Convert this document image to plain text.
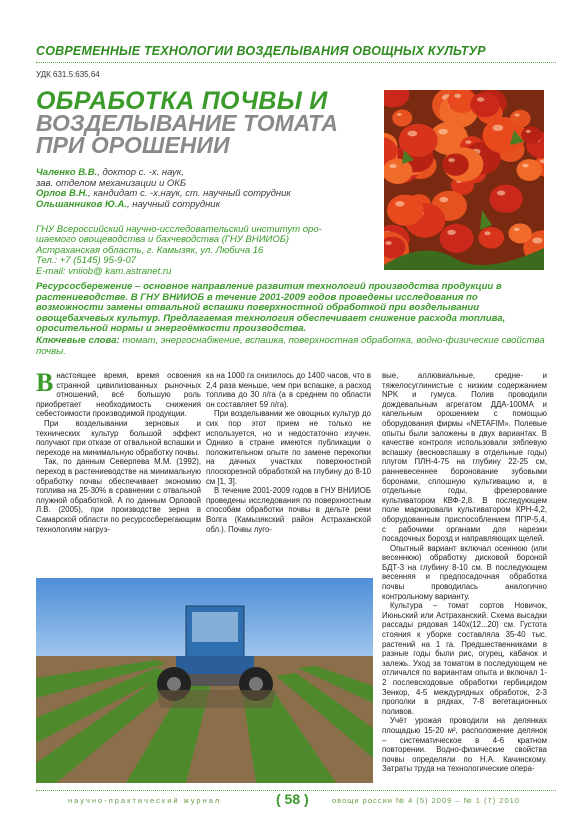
СОВРЕМЕННЫЕ ТЕХНОЛОГИИ ВОЗДЕЛЫВАНИЯ ОВОЩНЫХ КУЛЬТУР
УДК 631.5:635.64
ОБРАБОТКА ПОЧВЫ И
ВОЗДЕЛЫВАНИЕ ТОМАТА ПРИ ОРОШЕНИИ
Чаленко В.В., доктор с. -х. наук,
зав. отделом механизации и ОКБ
Орлов В.Н., кандидат с. -х.наук, ст. научный сотрудник
Ольшанников Ю.А., научный сотрудник
ГНУ Всероссийский научно-исследовательский институт оро-
шаемого овощеводства и бахчеводства (ГНУ ВНИИОБ)
Астраханская область, г. Камызяк, ул. Любича 16
Тел.: +7 (5145) 95-9-07
E-mail: vniiob@ kam.astranet.ru
Ресурсосбережение – основное направление развития технологий производства продукции в растениеводстве. В ГНУ ВНИИОБ в течение 2001-2009 годов проведены исследования по возможности замены отвальной вспашки поверхностной обработкой при возделывании овощебахчевых культур. Предлагаемая технология обеспечивает снижение расхода топлива, оросительной нормы и энергоёмкости производства.
Ключевые слова: томат, энергоснабжение, вспашка, поверхностная обработка, водно-физические свойства почвы.

Внастоящее время, время освоения странной цивилизованных рыночных отношений, всё большую роль приобретает необходимость снижения себестоимости производимой продукции.

При возделывании зерновых и технических культур большой эффект получают при отказе от отвальной вспашки и переходе на минимальную обработку почвы.

Так, по данным Северпева М.М. (1992), переход в растениеводстве на минимальную обработку почвы обеспечивает экономию топлива на 25-30% в сравнении с отвальной плужной обработкой. А по данным Орловой Л.В. (2005), при производстве зерна в Самарской области по ресурсосберегающим технологиям нагруз-

ка на 1000 га снизилось до 1400 часов, что в 2,4 раза меньше, чем при вспашке, а расход топлива до 30 л/га (а в среднем по области он составляет 59 л/га).

При возделывании же овощных культур до сих пор этот прием не только не используется, но и недостаточно изучен. Однако в стране имеются публикации о положительном опыте по замене перекопки на дачных участках поверхностной плоскорезной обработкой на глубину до 8-10 см [1, 3].

В течение 2001-2009 годов в ГНУ ВНИИОБ проведены исследования по поверхностным способам обработки почвы в дельте реки Волга (Камызякский район Астраханской обл.). Почвы луго-

вые, аллювиальные, средне- и тяжелосуглинистые с низким содержанием NPK и гумуса. Полив проводили дождевальным агрегатом ДДА-100МА и капельным орошением с помощью оборудования фирмы «NETAFIM». Полевые опыты были заложены в двух вариантах. В качестве контроля использовали зяблевую вспашку (весновспашку в отдельные годы) плугом ПЛН-4-75 на глубину 22-25 см, ранневесеннее боронование зубовыми боронами, сплошную культивацию и, в отдельные годы, фрезерование культиватором КВФ-2,8. В последующем поле маркировали культиватором КРН-4,2, оборудованным приспособлением ППР-5,4, с рабочими органами для нарезки посадочных борозд и направляющих щелей.

Опытный вариант включал осеннюю (или весеннюю) обработку дисковой бороной БДТ-3 на глубину 8-10 см. В последующем весенняя и предпосадочная обработка почвы проводилась аналогично контрольному варианту.

Культура – томат сортов Новичок, Июньский или Астраханский. Схема высадки рассады рядовая 140х(12...20) см. Густота стояния к уборке составляла 35-40 тыс. растений на 1 га. Предшественниками в разные годы были рис, огурец, кабачок и залежь. Уход за томатом в последующем не отличался по вариантам опыта и включал 1-2 послевсходовые обработки гербицидом Зенкор, 4-5 междурядных обработок, 2-3 прополки в рядках, 7-8 вегетационных поливов.

Учёт урожая проводили на делянках площадью 15-20 м², расположение делянок – систематическое в 4-6 кратном повторении. Водно-физические свойства почвы определяли по Н.А. Качинскому. Затраты труда на технологические опера-

научно-практический журнал	( 58 )	овощи россии № 4 (5) 2009 – № 1 (7) 2010
